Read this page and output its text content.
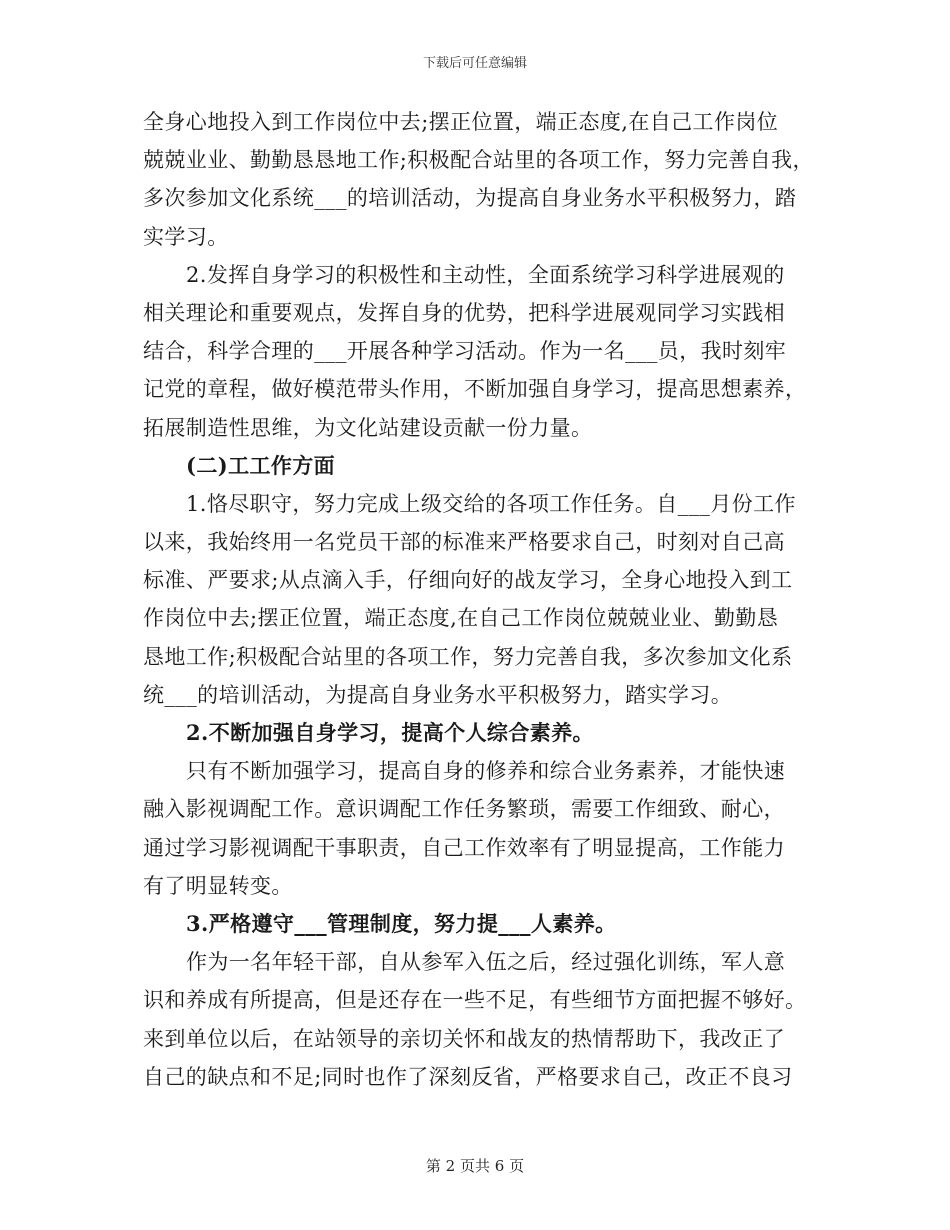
下载后可任意编辑
全身心地投入到工作岗位中去;摆正位置，端正态度,在自己工作岗位
兢兢业业、勤勤恳恳地工作;积极配合站里的各项工作，努力完善自我，
多次参加文化系统___的培训活动，为提高自身业务水平积极努力，踏
实学习。
2.发挥自身学习的积极性和主动性，全面系统学习科学进展观的
相关理论和重要观点，发挥自身的优势，把科学进展观同学习实践相
结合，科学合理的___开展各种学习活动。作为一名___员，我时刻牢
记党的章程，做好模范带头作用，不断加强自身学习，提高思想素养，
拓展制造性思维，为文化站建设贡献一份力量。
(二)工工作方面
1.恪尽职守，努力完成上级交给的各项工作任务。自___月份工作
以来，我始终用一名党员干部的标准来严格要求自己，时刻对自己高
标准、严要求;从点滴入手，仔细向好的战友学习，全身心地投入到工
作岗位中去;摆正位置，端正态度,在自己工作岗位兢兢业业、勤勤恳
恳地工作;积极配合站里的各项工作，努力完善自我，多次参加文化系
统___的培训活动，为提高自身业务水平积极努力，踏实学习。
2.不断加强自身学习，提高个人综合素养。
只有不断加强学习，提高自身的修养和综合业务素养，才能快速
融入影视调配工作。意识调配工作任务繁琐，需要工作细致、耐心，
通过学习影视调配干事职责，自己工作效率有了明显提高，工作能力
有了明显转变。
3.严格遵守___管理制度，努力提___人素养。
作为一名年轻干部，自从参军入伍之后，经过强化训练，军人意
识和养成有所提高，但是还存在一些不足，有些细节方面把握不够好。
来到单位以后，在站领导的亲切关怀和战友的热情帮助下，我改正了
自己的缺点和不足;同时也作了深刻反省，严格要求自己，改正不良习
第 2 页共 6 页
